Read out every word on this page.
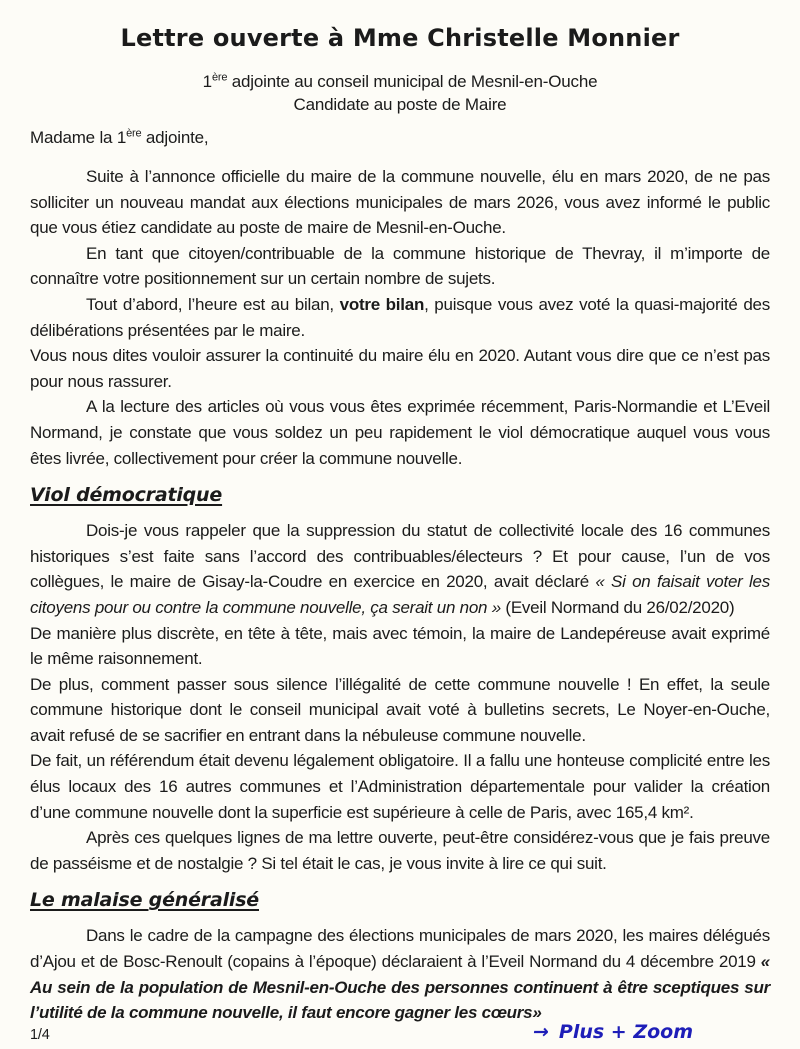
Lettre ouverte à Mme Christelle Monnier

1ère adjointe au conseil municipal de Mesnil-en-Ouche

Candidate au poste de Maire

Madame la 1ère adjointe,

Suite à l’annonce officielle du maire de la commune nouvelle, élu en mars 2020, de ne pas solliciter un nouveau mandat aux élections municipales de mars 2026, vous avez informé le public que vous étiez candidate au poste de maire de Mesnil-en-Ouche.

En tant que citoyen/contribuable de la commune historique de Thevray, il m’importe de connaître votre positionnement sur un certain nombre de sujets.

Tout d’abord, l’heure est au bilan, votre bilan, puisque vous avez voté la quasi-majorité des délibérations présentées par le maire.

Vous nous dites vouloir assurer la continuité du maire élu en 2020. Autant vous dire que ce n’est pas pour nous rassurer.

A la lecture des articles où vous vous êtes exprimée récemment, Paris-Normandie et L’Eveil Normand, je constate que vous soldez un peu rapidement le viol démocratique auquel vous vous êtes livrée, collectivement pour créer la commune nouvelle.

Viol démocratique

Dois-je vous rappeler que la suppression du statut de collectivité locale des 16 communes historiques s’est faite sans l’accord des contribuables/électeurs ? Et pour cause, l’un de vos collègues, le maire de Gisay-la-Coudre en exercice en 2020, avait déclaré « Si on faisait voter les citoyens pour ou contre la commune nouvelle, ça serait un non » (Eveil Normand du 26/02/2020)

De manière plus discrète, en tête à tête, mais avec témoin, la maire de Landepéreuse avait exprimé le même raisonnement.

De plus, comment passer sous silence l’illégalité de cette commune nouvelle ! En effet, la seule commune historique dont le conseil municipal avait voté à bulletins secrets, Le Noyer-en-Ouche, avait refusé de se sacrifier en entrant dans la nébuleuse commune nouvelle.

De fait, un référendum était devenu légalement obligatoire. Il a fallu une honteuse complicité entre les élus locaux des 16 autres communes et l’Administration départementale pour valider la création d’une commune nouvelle dont la superficie est supérieure à celle de Paris, avec 165,4 km².

Après ces quelques lignes de ma lettre ouverte, peut-être considérez-vous que je fais preuve de passéisme et de nostalgie ? Si tel était le cas, je vous invite à lire ce qui suit.

Le malaise généralisé

Dans le cadre de la campagne des élections municipales de mars 2020, les maires délégués d’Ajou et de Bosc-Renoult (copains à l’époque) déclaraient à l’Eveil Normand du 4 décembre 2019 « Au sein de la population de Mesnil-en-Ouche des personnes continuent à être sceptiques sur l’utilité de la commune nouvelle, il faut encore gagner les cœurs»

1/4	→ Plus + Zoom
